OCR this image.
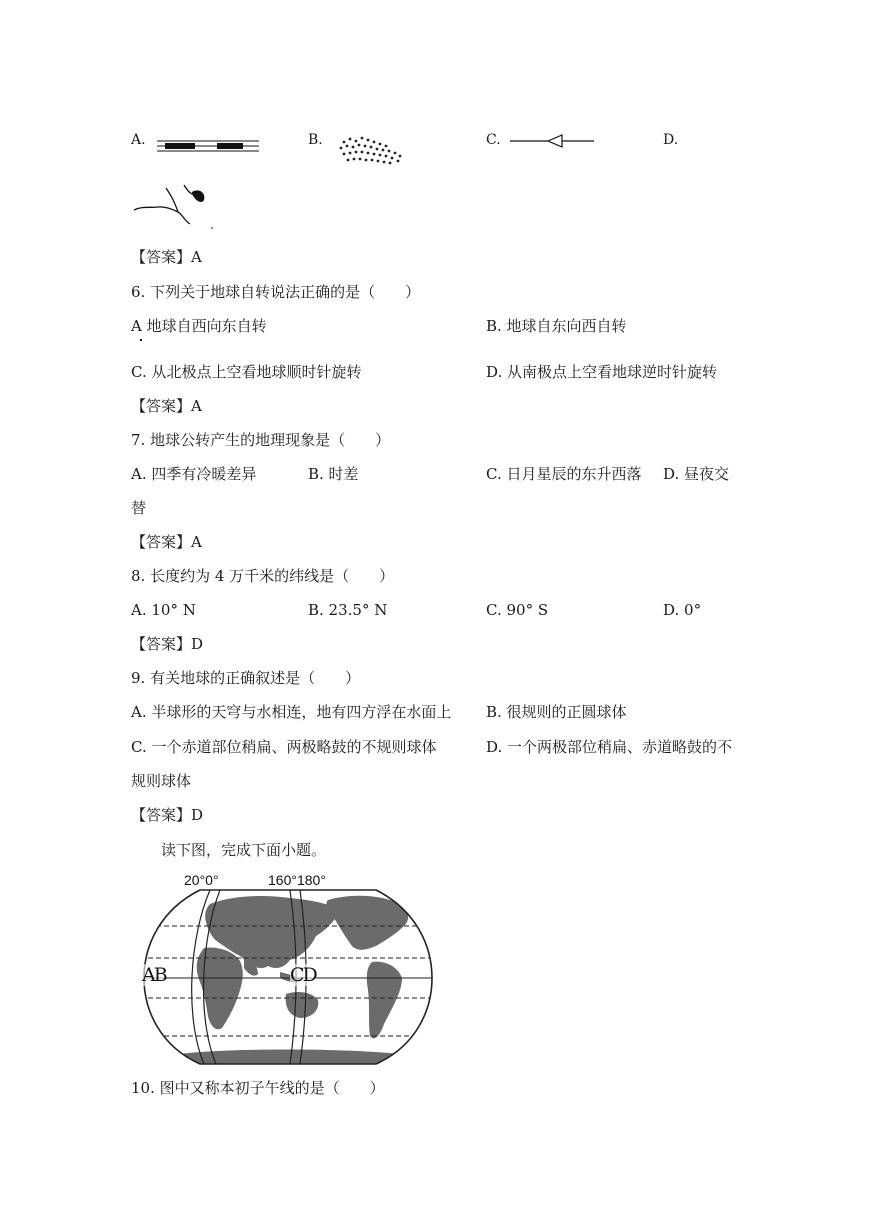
A.	B.	C.	D.
【答案】A
6. 下列关于地球自转说法正确的是（　　）
A 地球自西向东自转	B. 地球自东向西自转
C. 从北极点上空看地球顺时针旋转	D. 从南极点上空看地球逆时针旋转
【答案】A
7. 地球公转产生的地理现象是（　　）
A. 四季有冷暖差异	B. 时差	C. 日月星辰的东升西落 D. 昼夜交
替
【答案】A
8. 长度约为 4 万千米的纬线是（　　）
A. 10° N	B. 23.5° N	C. 90° S	D. 0°
【答案】D
9. 有关地球的正确叙述是（　　）
A. 半球形的天穹与水相连，地有四方浮在水面上 B. 很规则的正圆球体
C. 一个赤道部位稍扁、两极略鼓的不规则球体	D. 一个两极部位稍扁、赤道略鼓的不
规则球体
【答案】D
读下图，完成下面小题。
20°0°	160°180°
AB	CD
10. 图中又称本初子午线的是（　　）
